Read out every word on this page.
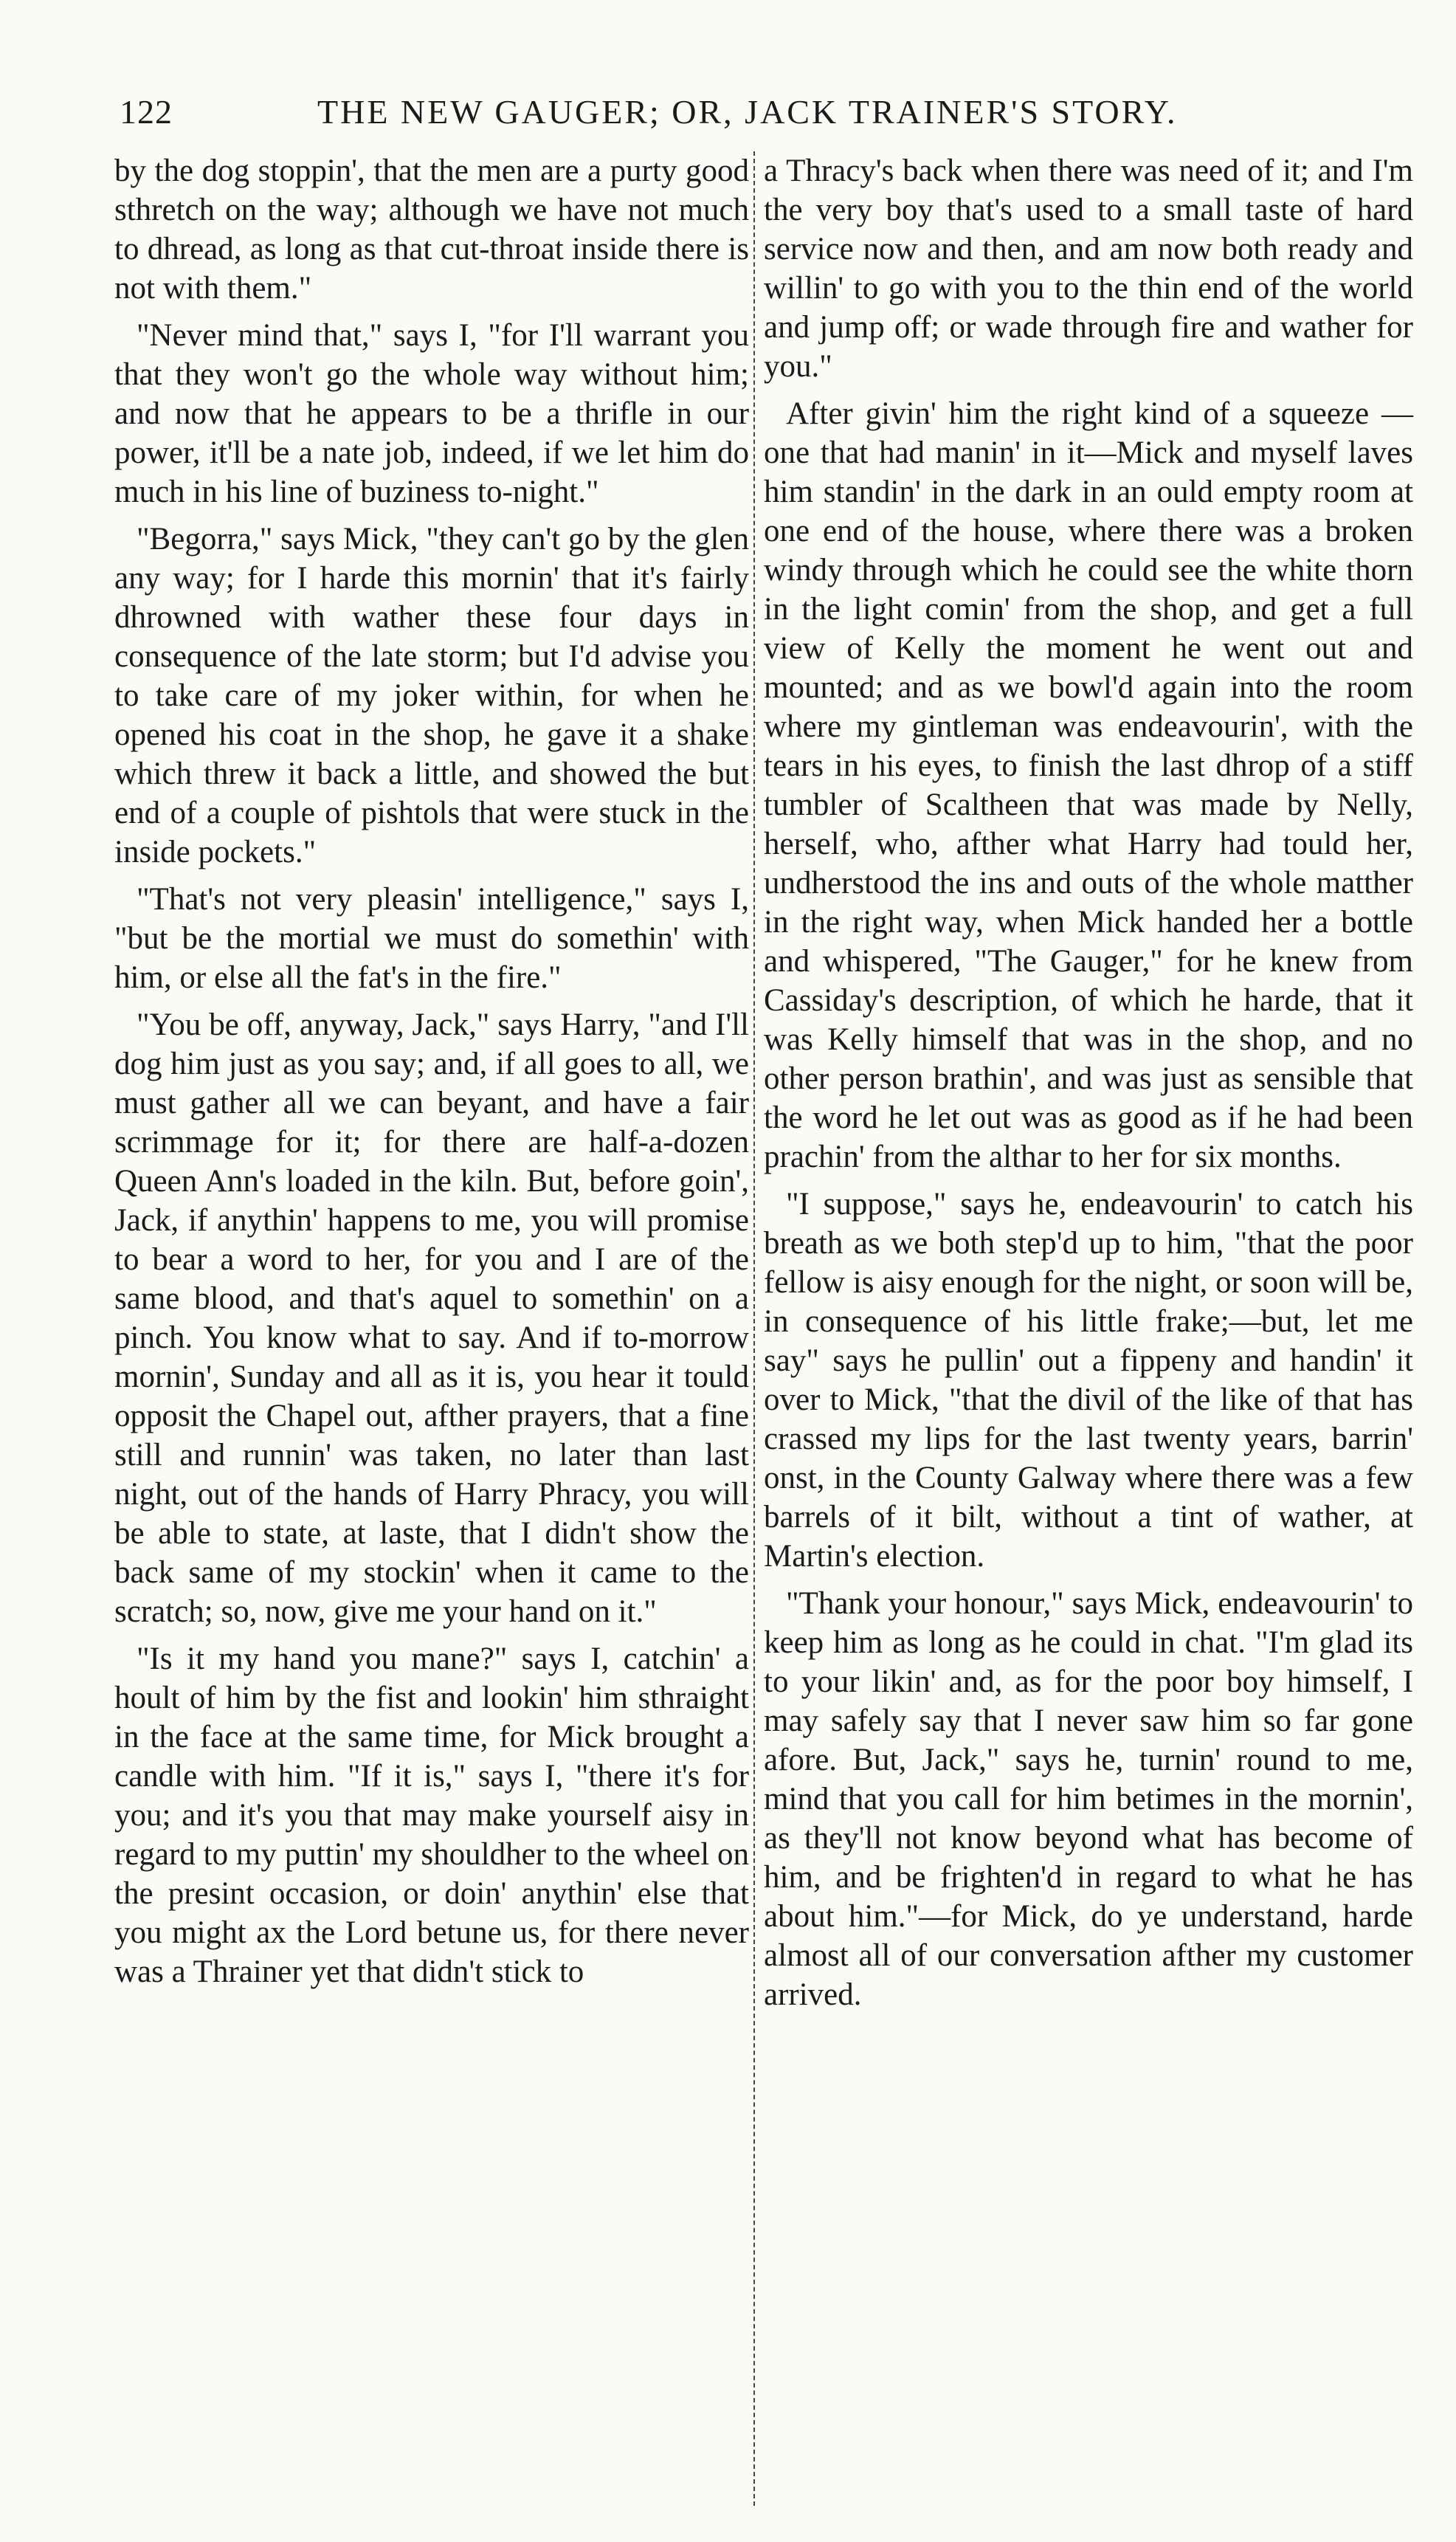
122	THE NEW GAUGER; OR, JACK TRAINER'S STORY.

by the dog stoppin', that the men are a purty good sthretch on the way; although we have not much to dhread, as long as that cut-throat inside there is not with them."

"Never mind that," says I, "for I'll warrant you that they won't go the whole way without him; and now that he appears to be a thrifle in our power, it'll be a nate job, indeed, if we let him do much in his line of buziness to-night."

"Begorra," says Mick, "they can't go by the glen any way; for I harde this mornin' that it's fairly dhrowned with wather these four days in consequence of the late storm; but I'd advise you to take care of my joker within, for when he opened his coat in the shop, he gave it a shake which threw it back a little, and showed the but end of a couple of pishtols that were stuck in the inside pockets."

"That's not very pleasin' intelligence," says I, "but be the mortial we must do somethin' with him, or else all the fat's in the fire."

"You be off, anyway, Jack," says Harry, "and I'll dog him just as you say; and, if all goes to all, we must gather all we can beyant, and have a fair scrimmage for it; for there are half-a-dozen Queen Ann's loaded in the kiln. But, before goin', Jack, if anythin' happens to me, you will promise to bear a word to her, for you and I are of the same blood, and that's aquel to somethin' on a pinch. You know what to say. And if to-morrow mornin', Sunday and all as it is, you hear it tould opposit the Chapel out, afther prayers, that a fine still and runnin' was taken, no later than last night, out of the hands of Harry Phracy, you will be able to state, at laste, that I didn't show the back same of my stockin' when it came to the scratch; so, now, give me your hand on it."

"Is it my hand you mane?" says I, catchin' a hoult of him by the fist and lookin' him sthraight in the face at the same time, for Mick brought a candle with him. "If it is," says I, "there it's for you; and it's you that may make yourself aisy in regard to my puttin' my shouldher to the wheel on the presint occasion, or doin' anythin' else that you might ax the Lord betune us, for there never was a Thrainer yet that didn't stick to

a Thracy's back when there was need of it; and I'm the very boy that's used to a small taste of hard service now and then, and am now both ready and willin' to go with you to the thin end of the world and jump off; or wade through fire and wather for you."

After givin' him the right kind of a squeeze —one that had manin' in it—Mick and myself laves him standin' in the dark in an ould empty room at one end of the house, where there was a broken windy through which he could see the white thorn in the light comin' from the shop, and get a full view of Kelly the moment he went out and mounted; and as we bowl'd again into the room where my gintleman was endeavourin', with the tears in his eyes, to finish the last dhrop of a stiff tumbler of Scaltheen that was made by Nelly, herself, who, afther what Harry had tould her, undherstood the ins and outs of the whole matther in the right way, when Mick handed her a bottle and whispered, "The Gauger," for he knew from Cassiday's description, of which he harde, that it was Kelly himself that was in the shop, and no other person brathin', and was just as sensible that the word he let out was as good as if he had been prachin' from the althar to her for six months.

"I suppose," says he, endeavourin' to catch his breath as we both step'd up to him, "that the poor fellow is aisy enough for the night, or soon will be, in consequence of his little frake;—but, let me say" says he pullin' out a fippeny and handin' it over to Mick, "that the divil of the like of that has crassed my lips for the last twenty years, barrin' onst, in the County Galway where there was a few barrels of it bilt, without a tint of wather, at Martin's election.

"Thank your honour," says Mick, endeavourin' to keep him as long as he could in chat. "I'm glad its to your likin' and, as for the poor boy himself, I may safely say that I never saw him so far gone afore. But, Jack," says he, turnin' round to me, mind that you call for him betimes in the mornin', as they'll not know beyond what has become of him, and be frighten'd in regard to what he has about him."—for Mick, do ye understand, harde almost all of our conversation afther my customer arrived.
